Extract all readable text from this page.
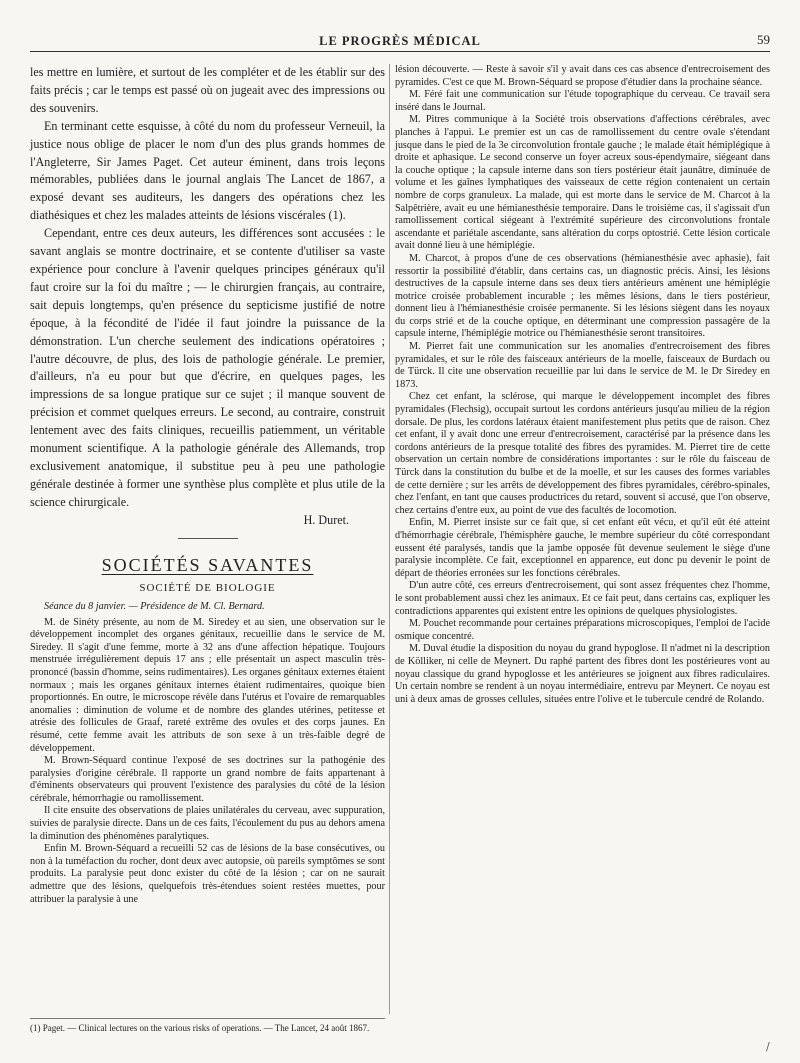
LE PROGRÈS MÉDICAL	59

les mettre en lumière, et surtout de les compléter et de les établir sur des faits précis ; car le temps est passé où on jugeait avec des impressions ou des souvenirs.

En terminant cette esquisse, à côté du nom du professeur Verneuil, la justice nous oblige de placer le nom d'un des plus grands hommes de l'Angleterre, Sir James Paget. Cet auteur éminent, dans trois leçons mémorables, publiées dans le journal anglais The Lancet de 1867, a exposé devant ses auditeurs, les dangers des opérations chez les diathésiques et chez les malades atteints de lésions viscérales (1).

Cependant, entre ces deux auteurs, les différences sont accusées : le savant anglais se montre doctrinaire, et se contente d'utiliser sa vaste expérience pour conclure à l'avenir quelques principes généraux qu'il faut croire sur la foi du maître ; — le chirurgien français, au contraire, sait depuis longtemps, qu'en présence du septicisme justifié de notre époque, à la fécondité de l'idée il faut joindre la puissance de la démonstration. L'un cherche seulement des indications opératoires ; l'autre découvre, de plus, des lois de pathologie générale. Le premier, d'ailleurs, n'a eu pour but que d'écrire, en quelques pages, les impressions de sa longue pratique sur ce sujet ; il manque souvent de précision et commet quelques erreurs. Le second, au contraire, construit lentement avec des faits cliniques, recueillis patiemment, un véritable monument scientifique. A la pathologie générale des Allemands, trop exclusivement anatomique, il substitue peu à peu une pathologie générale destinée à former une synthèse plus complète et plus utile de la science chirurgicale.

H. Duret.

SOCIÉTÉS SAVANTES
SOCIÉTÉ DE BIOLOGIE

Séance du 8 janvier. — Présidence de M. Cl. Bernard.

M. de Sinéty présente, au nom de M. Siredey et au sien, une observation sur le développement incomplet des organes génitaux, recueillie dans le service de M. Siredey. Il s'agit d'une femme, morte à 32 ans d'une affection hépatique. Toujours menstruée irrégulièrement depuis 17 ans ; elle présentait un aspect masculin très-prononcé (bassin d'homme, seins rudimentaires). Les organes génitaux externes étaient normaux ; mais les organes génitaux internes étaient rudimentaires, quoique bien proportionnés. En outre, le microscope révèle dans l'utérus et l'ovaire de remarquables anomalies : diminution de volume et de nombre des glandes utérines, petitesse et atrésie des follicules de Graaf, rareté extrême des ovules et des corps jaunes. En résumé, cette femme avait les attributs de son sexe à un très-faible degré de développement.

M. Brown-Séquard continue l'exposé de ses doctrines sur la pathogénie des paralysies d'origine cérébrale. Il rapporte un grand nombre de faits appartenant à d'éminents observateurs qui prouvent l'existence des paralysies du côté de la lésion cérébrale, hémorrhagie ou ramollissement.

Il cite ensuite des observations de plaies unilatérales du cerveau, avec suppuration, suivies de paralysie directe. Dans un de ces faits, l'écoulement du pus au dehors amena la diminution des phénomènes paralytiques.

Enfin M. Brown-Séquard a recueilli 52 cas de lésions de la base consécutives, ou non à la tuméfaction du rocher, dont deux avec autopsie, où pareils symptômes se sont produits. La paralysie peut donc exister du côté de la lésion ; car on ne saurait admettre que des lésions, quelquefois très-étendues soient restées muettes, pour attribuer la paralysie à une

lésion découverte. — Reste à savoir s'il y avait dans ces cas absence d'entrecroisement des pyramides. C'est ce que M. Brown-Séquard se propose d'étudier dans la prochaine séance.

M. Féré fait une communication sur l'étude topographique du cerveau. Ce travail sera inséré dans le Journal.

M. Pitres communique à la Société trois observations d'affections cérébrales, avec planches à l'appui. Le premier est un cas de ramollissement du centre ovale s'étendant jusque dans le pied de la 3e circonvolution frontale gauche ; le malade était hémiplégique à droite et aphasique. Le second conserve un foyer acreux sous-épendymaire, siégeant dans la couche optique ; la capsule interne dans son tiers postérieur était jaunâtre, diminuée de volume et les gaînes lymphatiques des vaisseaux de cette région contenaient un certain nombre de corps granuleux. La malade, qui est morte dans le service de M. Charcot à la Salpêtrière, avait eu une hémianesthésie temporaire. Dans le troisième cas, il s'agissait d'un ramollissement cortical siégeant à l'extrémité supérieure des circonvolutions frontale ascendante et pariétale ascendante, sans altération du corps optostrié. Cette lésion corticale avait donné lieu à une hémiplégie.

M. Charcot, à propos d'une de ces observations (hémianesthésie avec aphasie), fait ressortir la possibilité d'établir, dans certains cas, un diagnostic précis. Ainsi, les lésions destructives de la capsule interne dans ses deux tiers antérieurs amènent une hémiplégie motrice croisée probablement incurable ; les mêmes lésions, dans le tiers postérieur, donnent lieu à l'hémianesthésie croisée permanente. Si les lésions siègent dans les noyaux du corps strié et de la couche optique, en déterminant une compression passagère de la capsule interne, l'hémiplégie motrice ou l'hémianesthésie seront transitoires.

M. Pierret fait une communication sur les anomalies d'entrecroisement des fibres pyramidales, et sur le rôle des faisceaux antérieurs de la moelle, faisceaux de Burdach ou de Türck. Il cite une observation recueillie par lui dans le service de M. le Dr Siredey en 1873.

Chez cet enfant, la sclérose, qui marque le développement incomplet des fibres pyramidales (Flechsig), occupait surtout les cordons antérieurs jusqu'au milieu de la région dorsale. De plus, les cordons latéraux étaient manifestement plus petits que de raison. Chez cet enfant, il y avait donc une erreur d'entrecroisement, caractérisé par la présence dans les cordons antérieurs de la presque totalité des fibres des pyramides. M. Pierret tire de cette observation un certain nombre de considérations importantes : sur le rôle du faisceau de Türck dans la constitution du bulbe et de la moelle, et sur les causes des formes variables de cette dernière ; sur les arrêts de développement des fibres pyramidales, cérébro-spinales, chez l'enfant, en tant que causes productrices du retard, souvent si accusé, que l'on observe, chez certains d'entre eux, au point de vue des facultés de locomotion.

Enfin, M. Pierret insiste sur ce fait que, si cet enfant eût vécu, et qu'il eût été atteint d'hémorrhagie cérébrale, l'hémisphère gauche, le membre supérieur du côté correspondant eussent été paralysés, tandis que la jambe opposée fût devenue seulement le siège d'une paralysie incomplète. Ce fait, exceptionnel en apparence, eut donc pu devenir le point de départ de théories erronées sur les fonctions cérébrales.

D'un autre côté, ces erreurs d'entrecroisement, qui sont assez fréquentes chez l'homme, le sont probablement aussi chez les animaux. Et ce fait peut, dans certains cas, expliquer les contradictions apparentes qui existent entre les opinions de quelques physiologistes.

M. Pouchet recommande pour certaines préparations microscopiques, l'emploi de l'acide osmique concentré.

M. Duval étudie la disposition du noyau du grand hypoglose. Il n'admet ni la description de Kölliker, ni celle de Meynert. Du raphé partent des fibres dont les postérieures vont au noyau classique du grand hypoglosse et les antérieures se joignent aux fibres radiculaires. Un certain nombre se rendent à un noyau intermédiaire, entrevu par Meynert. Ce noyau est uni à deux amas de grosses cellules, situées entre l'olive et le tubercule cendré de Rolando.

(1) Paget. — Clinical lectures on the various risks of operations. — The Lancet, 24 août 1867.
/
